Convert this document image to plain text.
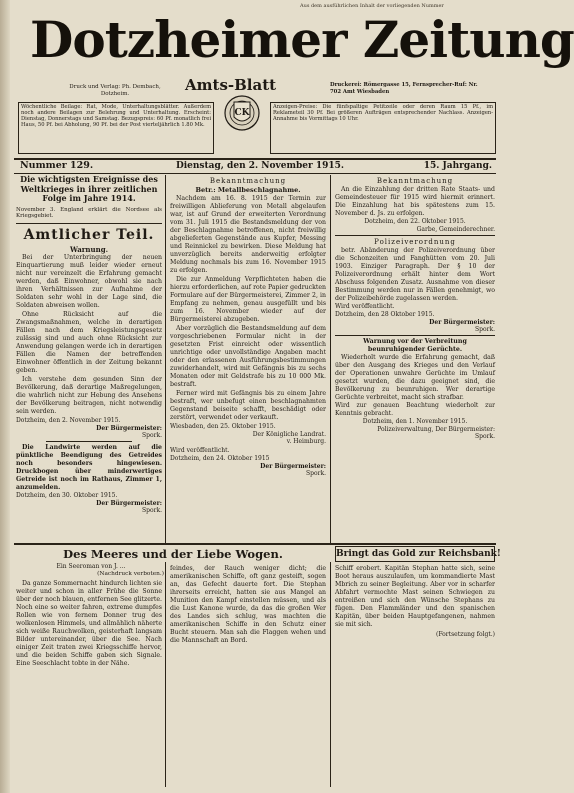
Aus dem ausführlichen Inhalt der vorliegenden Nummer
Dotzheimer Zeitung
Druck und Verlag: Ph. Dembach, Dotzheim.	Amts-Blatt
CK
Druckerei: Römergasse 15, Fernsprecher-Ruf: Nr. 702 Amt Wiesbaden
Wöchentliche Beilage: Rat, Mode, Unterhaltungsblätter. Außerdem noch andere Beilagen zur Belehrung und Unterhaltung. Erscheint: Dienstag, Donnerstags und Samstag. Bezugspreis: 60 Pf. monatlich frei Haus, 50 Pf. bei Abholung, 90 Pf. bei der Post vierteljährlich 1.80 Mk.
Anzeigen-Preise: Die fünfspaltige Petitzeile oder deren Raum 15 Pf., im Reklameteil 30 Pf. Bei größeren Aufträgen entsprechender Nachlass. Anzeigen-Annahme bis Vormittags 10 Uhr.
Nummer 129.	Dienstag, den 2. November 1915.	15. Jahrgang.
Die wichtigsten Ereignisse des Weltkrieges in ihrer zeitlichen Folge im Jahre 1914.
November 3. England erklärt die Nordsee als Kriegsgebiet.
Amtlicher Teil.
Warnung.
Bei der Unterbringung der neuen Einquartierung muß leider wieder erneut nicht nur vereinzelt die Erfahrung gemacht werden, daß Einwohner, obwohl sie nach ihren Verhältnissen zur Aufnahme der Soldaten sehr wohl in der Lage sind, die Soldaten abweisen wollen.
Ohne Rücksicht auf die Zwangsmaßnahmen, welche in derartigen Fällen nach dem Kriegsleistungsgesetz zulässig sind und auch ohne Rücksicht zur Anwendung gelangen werde ich in derartigen Fällen die Namen der betreffenden Einwohner öffentlich in der Zeitung bekannt geben.
Ich verstehe dem gesunden Sinn der Bevölkerung, daß derartige Maßregelungen, die wahrlich nicht zur Hebung des Ansehens der Bevölkerung beitragen, nicht notwendig sein werden.
Dotzheim, den 2. November 1915.
Der Bürgermeister:
Spork.
Die Landwirte werden auf die pünktliche Beendigung des Getreides noch besonders hingewiesen. Druckbogen über minderwertiges Getreide ist noch im Rathaus, Zimmer 1, anzumelden.
Dotzheim, den 30. Oktober 1915.
Der Bürgermeister:
Spork.
Bekanntmachung
Betr.: Metallbeschlagnahme.
Nachdem am 16. 8. 1915 der Termin zur freiwilligen Ablieferung von Metall abgelaufen war, ist auf Grund der erweiterten Verordnung vom 31. Juli 1915 die Bestandsmeldung der von der Beschlagnahme betroffenen, nicht freiwillig abgelieferten Gegenstände aus Kupfer, Messing und Reinnickel zu bewirken. Diese Meldung hat unverzüglich bereits anderweitig erfolgter Meldung nochmals bis zum 16. November 1915 zu erfolgen.
Die zur Anmeldung Verpflichteten haben die hierzu erforderlichen, auf rote Papier gedruckten Formulare auf der Bürgermeisterei, Zimmer 2, in Empfang zu nehmen, genau ausgefüllt und bis zum 16. November wieder auf der Bürgermeisterei abzugeben.
Aber vorzüglich die Bestandsmeldung auf dem vorgeschriebenen Formular nicht in der gesetzten Frist einreicht oder wissentlich unrichtige oder unvollständige Angaben macht oder den erlassenen Ausführungsbestimmungen zuwiderhandelt, wird mit Gefängnis bis zu sechs Monaten oder mit Geldstrafe bis zu 10 000 Mk. bestraft.
Ferner wird mit Gefängnis bis zu einem Jahre bestraft, wer unbefugt einen beschlagnahmten Gegenstand beiseite schafft, beschädigt oder zerstört, verwendet oder verkauft.
Wiesbaden, den 25. Oktober 1915.
Der Königliche Landrat.
v. Heimburg.
Wird veröffentlicht.
Dotzheim, den 24. Oktober 1915
Der Bürgermeister:
Spork.
Bekanntmachung
An die Einzahlung der dritten Rate Staats- und Gemeindesteuer für 1915 wird hiermit erinnert. Die Einzahlung hat bis spätestens zum 15. November d. Js. zu erfolgen.
Dotzheim, den 22. Oktober 1915.
Garbe, Gemeinderechner.
Polizeiverordnung
betr. Abänderung der Polizeiverordnung über die Schonzeiten und Fanghütten vom 20. Juli 1903. Einziger Paragraph. Der § 10 der Polizeiverordnung erhält hinter dem Wort Abschuss folgenden Zusatz. Ausnahme von dieser Bestimmung werden nur in Fällen genehmigt, wo der Polizeibehörde zugelassen werden.
Wird veröffentlicht.
Dotzheim, den 28 Oktober 1915.
Der Bürgermeister:
Spork.
Warnung vor der Verbreitung beunruhigender Gerüchte.
Wiederholt wurde die Erfahrung gemacht, daß über den Ausgang des Krieges und den Verlauf der Operationen unwahre Gerüchte im Umlauf gesetzt wurden, die dazu geeignet sind, die Bevölkerung zu beunruhigen. Wer derartige Gerüchte verbreitet, macht sich strafbar.
Wird zur genauen Beachtung wiederholt zur Kenntnis gebracht.
Dotzheim, den 1. November 1915.
Polizeiverwaltung, Der Bürgermeister:
Spork.
Bringt das Gold zur Reichsbank!
Des Meeres und der Liebe Wogen.
Ein Seeroman von J. ...
(Nachdruck verboten.)
Da ganze Sommernacht hindurch lichten sie weiter und schon in aller Frühe die Sonne über der noch blauen, entfernen See glitzerte. Noch eine so weiter fahren, extreme dumpfes Rollen wie von fernem Donner trug des wolkenlosen Himmels, und allmählich näherte sich weiße Rauchwolken, geisterhaft langsam Bilder untereinander, über die See. Nach einiger Zeit traten zwei Kriegsschiffe hervor, und die beiden Schiffe gaben sich Signale. Eine Seeschlacht tobte in der Nähe.
feindes, der Rauch weniger dicht; die amerikanischen Schiffe, oft ganz gesteift, sogen an, das Gefecht dauerte fort. Die Stephan ihrerseits erreicht, hatten sie aus Mangel an Munition den Kampf einstellen müssen, und als die Lust Kanone wurde, da das die großen Wer des Landes sich schlug, was machten die amerikanischen Schiffe in den Schutz einer Bucht steuern. Man sah die Flaggen wehen und die Mannschaft an Bord.
Schiff erobert. Kapitän Stephan hatte sich, seine Boot heraus auszulaufen, um kommandierte Mast Mbrich zu seiner Begleitung. Aber vor in scharfer Abfahrt vermochte Mast seinen Schwiegen zu entreißen und sich den Wünsche Stephans zu fügen. Den Flammländer und den spanischen Kapitän, über beiden Hauptgefangenen, nahmen sie mit sich.
(Fortsetzung folgt.)
